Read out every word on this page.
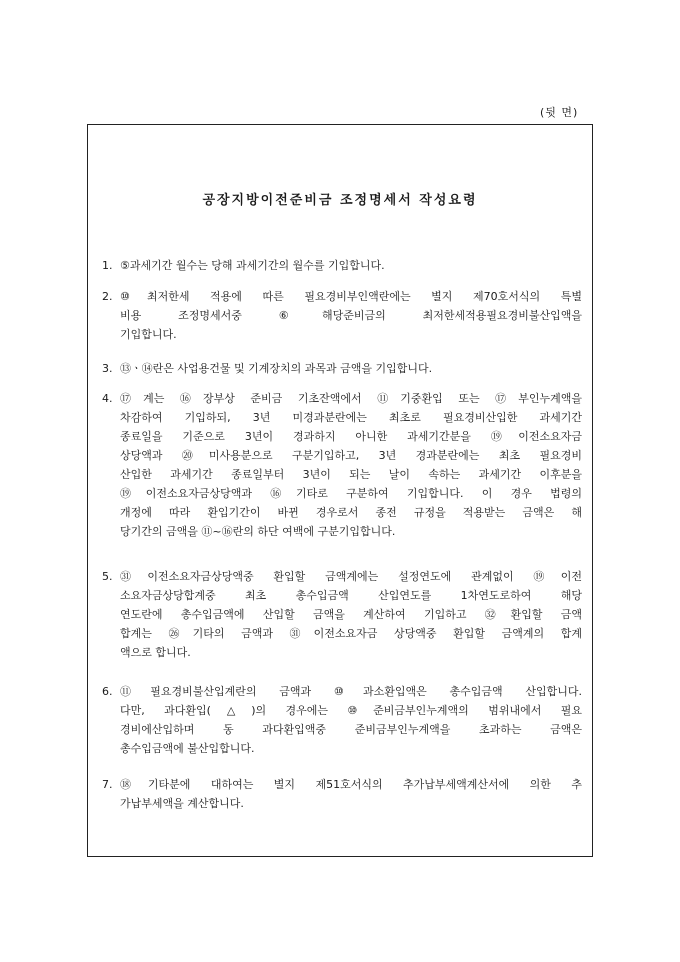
(뒷 면)
공장지방이전준비금 조정명세서 작성요령
1. ⑤과세기간 월수는 당해 과세기간의 월수를 기입합니다.
2. ⑩최저한세 적용에 따른 필요경비부인액란에는 별지 제70호서식의 특별
비용 조정명세서중 ⑥해당준비금의 최저한세적용필요경비불산입액을
기입합니다.
3. ⑬ㆍ⑭란은 사업용건물 및 기계장치의 과목과 금액을 기입합니다.
4. ⑰계는 ⑯장부상 준비금 기초잔액에서 ⑪기중환입 또는 ⑰부인누계액을
차감하여 기입하되, 3년 미경과분란에는 최초로 필요경비산입한 과세기간
종료일을 기준으로 3년이 경과하지 아니한 과세기간분을 ⑲이전소요자금
상당액과 ⑳미사용분으로 구분기입하고, 3년 경과분란에는 최초 필요경비
산입한 과세기간 종료일부터 3년이 되는 날이 속하는 과세기간 이후분을
⑲이전소요자금상당액과 ⑯기타로 구분하여 기입합니다. 이 경우 법령의
개정에 따라 환입기간이 바뀐 경우로서 종전 규정을 적용받는 금액은 해
당기간의 금액을 ⑪~⑯란의 하단 여백에 구분기입합니다.
5. ㉛이전소요자금상당액중 환입할 금액계에는 설정연도에 관계없이 ⑲이전
소요자금상당합계중 최초 총수입금액 산입연도를 1차연도로하여 해당
연도란에 총수입금액에 산입할 금액을 계산하여 기입하고 ㉜환입할 금액
합계는 ㉖기타의 금액과 ㉛이전소요자금 상당액중 환입할 금액계의 합계
액으로 합니다.
6. ⑪필요경비불산입계란의 금액과 ⑩과소환입액은 총수입금액 산입합니다.
다만, 과다환입(△)의 경우에는 ⑩준비금부인누계액의 범위내에서 필요
경비에산입하며 동 과다환입액중 준비금부인누계액을 초과하는 금액은
총수입금액에 불산입합니다.
7. ⑱기타분에 대하여는 별지 제51호서식의 추가납부세액계산서에 의한 추
가납부세액을 계산합니다.
